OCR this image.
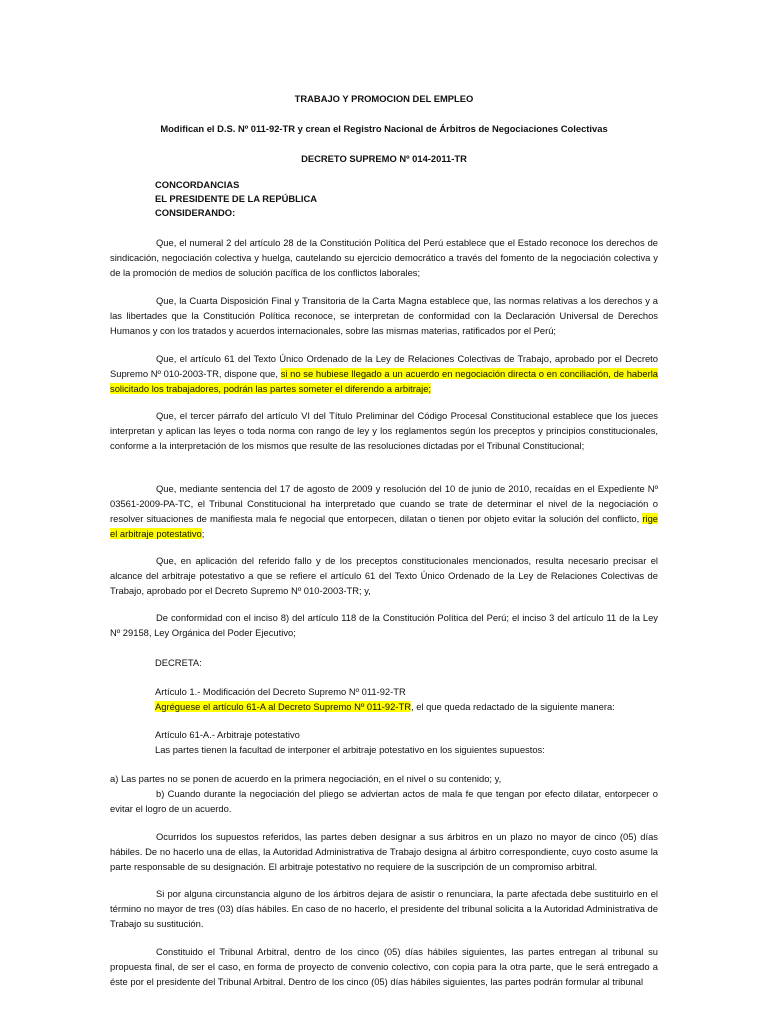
TRABAJO Y PROMOCION DEL EMPLEO

Modifican el D.S. Nº 011-92-TR y crean el Registro Nacional de Árbitros de Negociaciones Colectivas

DECRETO SUPREMO Nº 014-2011-TR

CONCORDANCIAS
EL PRESIDENTE DE LA REPÚBLICA
CONSIDERANDO:

Que, el numeral 2 del artículo 28 de la Constitución Política del Perú establece que el Estado reconoce los derechos de sindicación, negociación colectiva y huelga, cautelando su ejercicio democrático a través del fomento de la negociación colectiva y de la promoción de medios de solución pacífica de los conflictos laborales;

Que, la Cuarta Disposición Final y Transitoria de la Carta Magna establece que, las normas relativas a los derechos y a las libertades que la Constitución Política reconoce, se interpretan de conformidad con la Declaración Universal de Derechos Humanos y con los tratados y acuerdos internacionales, sobre las mismas materias, ratificados por el Perú;

Que, el artículo 61 del Texto Único Ordenado de la Ley de Relaciones Colectivas de Trabajo, aprobado por el Decreto Supremo Nº 010-2003-TR, dispone que, si no se hubiese llegado a un acuerdo en negociación directa o en conciliación, de haberla solicitado los trabajadores, podrán las partes someter el diferendo a arbitraje;

Que, el tercer párrafo del artículo VI del Título Preliminar del Código Procesal Constitucional establece que los jueces interpretan y aplican las leyes o toda norma con rango de ley y los reglamentos según los preceptos y principios constitucionales, conforme a la interpretación de los mismos que resulte de las resoluciones dictadas por el Tribunal Constitucional;

Que, mediante sentencia del 17 de agosto de 2009 y resolución del 10 de junio de 2010, recaídas en el Expediente Nº 03561-2009-PA-TC, el Tribunal Constitucional ha interpretado que cuando se trate de determinar el nivel de la negociación o resolver situaciones de manifiesta mala fe negocial que entorpecen, dilatan o tienen por objeto evitar la solución del conflicto, rige el arbitraje potestativo;

Que, en aplicación del referido fallo y de los preceptos constitucionales mencionados, resulta necesario precisar el alcance del arbitraje potestativo a que se refiere el artículo 61 del Texto Único Ordenado de la Ley de Relaciones Colectivas de Trabajo, aprobado por el Decreto Supremo Nº 010-2003-TR; y,

De conformidad con el inciso 8) del artículo 118 de la Constitución Política del Perú; el inciso 3 del artículo 11 de la Ley Nº 29158, Ley Orgánica del Poder Ejecutivo;

DECRETA:

Artículo 1.- Modificación del Decreto Supremo Nº 011-92-TR
Agréguese el artículo 61-A al Decreto Supremo Nº 011-92-TR, el que queda redactado de la siguiente manera:
Artículo 61-A.- Arbitraje potestativo
Las partes tienen la facultad de interponer el arbitraje potestativo en los siguientes supuestos:

a) Las partes no se ponen de acuerdo en la primera negociación, en el nivel o su contenido; y,

b) Cuando durante la negociación del pliego se adviertan actos de mala fe que tengan por efecto dilatar, entorpecer o evitar el logro de un acuerdo.

Ocurridos los supuestos referidos, las partes deben designar a sus árbitros en un plazo no mayor de cinco (05) días hábiles. De no hacerlo una de ellas, la Autoridad Administrativa de Trabajo designa al árbitro correspondiente, cuyo costo asume la parte responsable de su designación. El arbitraje potestativo no requiere de la suscripción de un compromiso arbitral.

Si por alguna circunstancia alguno de los árbitros dejara de asistir o renunciara, la parte afectada debe sustituirlo en el término no mayor de tres (03) días hábiles. En caso de no hacerlo, el presidente del tribunal solicita a la Autoridad Administrativa de Trabajo su sustitución.

Constituido el Tribunal Arbitral, dentro de los cinco (05) días hábiles siguientes, las partes entregan al tribunal su propuesta final, de ser el caso, en forma de proyecto de convenio colectivo, con copia para la otra parte, que le será entregado a éste por el presidente del Tribunal Arbitral. Dentro de los cinco (05) días hábiles siguientes, las partes podrán formular al tribunal
